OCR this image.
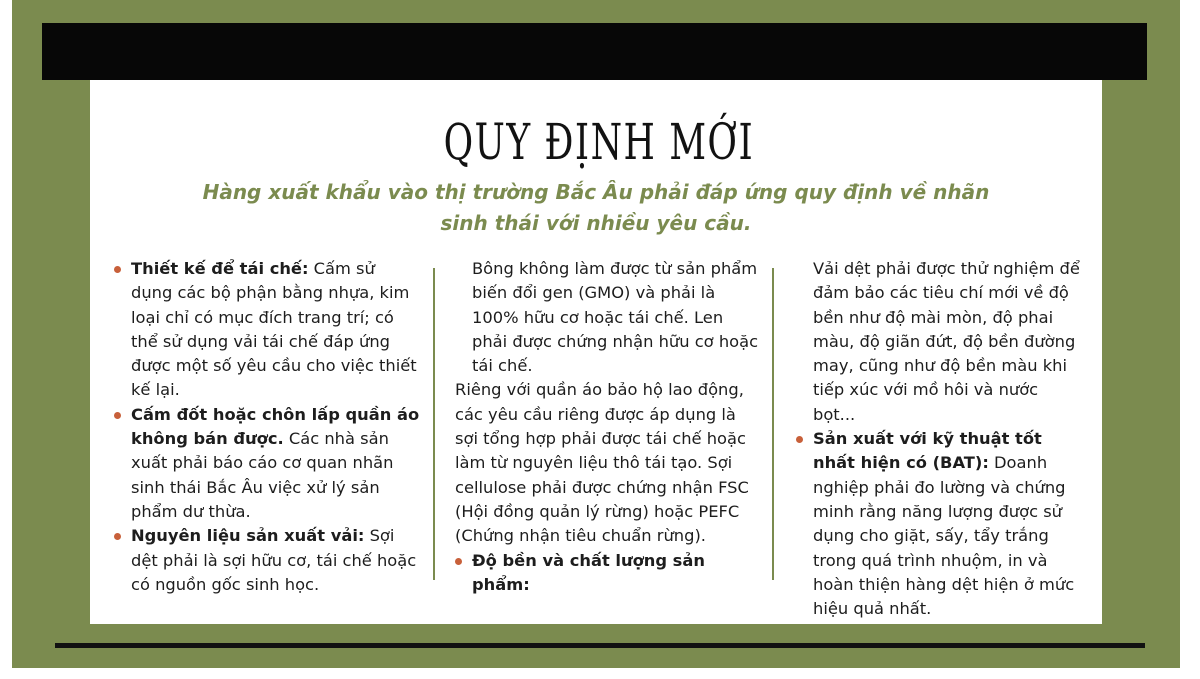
QUY ĐỊNH MỚI
Hàng xuất khẩu vào thị trường Bắc Âu phải đáp ứng quy định về nhãn sinh thái với nhiều yêu cầu.

Thiết kế để tái chế: Cấm sử dụng các bộ phận bằng nhựa, kim loại chỉ có mục đích trang trí; có thể sử dụng vải tái chế đáp ứng được một số yêu cầu cho việc thiết kế lại.

Cấm đốt hoặc chôn lấp quần áo không bán được. Các nhà sản xuất phải báo cáo cơ quan nhãn sinh thái Bắc Âu việc xử lý sản phẩm dư thừa.

Nguyên liệu sản xuất vải: Sợi dệt phải là sợi hữu cơ, tái chế hoặc có nguồn gốc sinh học.

Bông không làm được từ sản phẩm biến đổi gen (GMO) và phải là 100% hữu cơ hoặc tái chế. Len phải được chứng nhận hữu cơ hoặc tái chế.

Riêng với quần áo bảo hộ lao động, các yêu cầu riêng được áp dụng là sợi tổng hợp phải được tái chế hoặc làm từ nguyên liệu thô tái tạo. Sợi cellulose phải được chứng nhận FSC (Hội đồng quản lý rừng) hoặc PEFC (Chứng nhận tiêu chuẩn rừng).

Độ bền và chất lượng sản phẩm:

Vải dệt phải được thử nghiệm để đảm bảo các tiêu chí mới về độ bền như độ mài mòn, độ phai màu, độ giãn đứt, độ bền đường may, cũng như độ bền màu khi tiếp xúc với mồ hôi và nước bọt...

Sản xuất với kỹ thuật tốt nhất hiện có (BAT): Doanh nghiệp phải đo lường và chứng minh rằng năng lượng được sử dụng cho giặt, sấy, tẩy trắng trong quá trình nhuộm, in và hoàn thiện hàng dệt hiện ở mức hiệu quả nhất.
